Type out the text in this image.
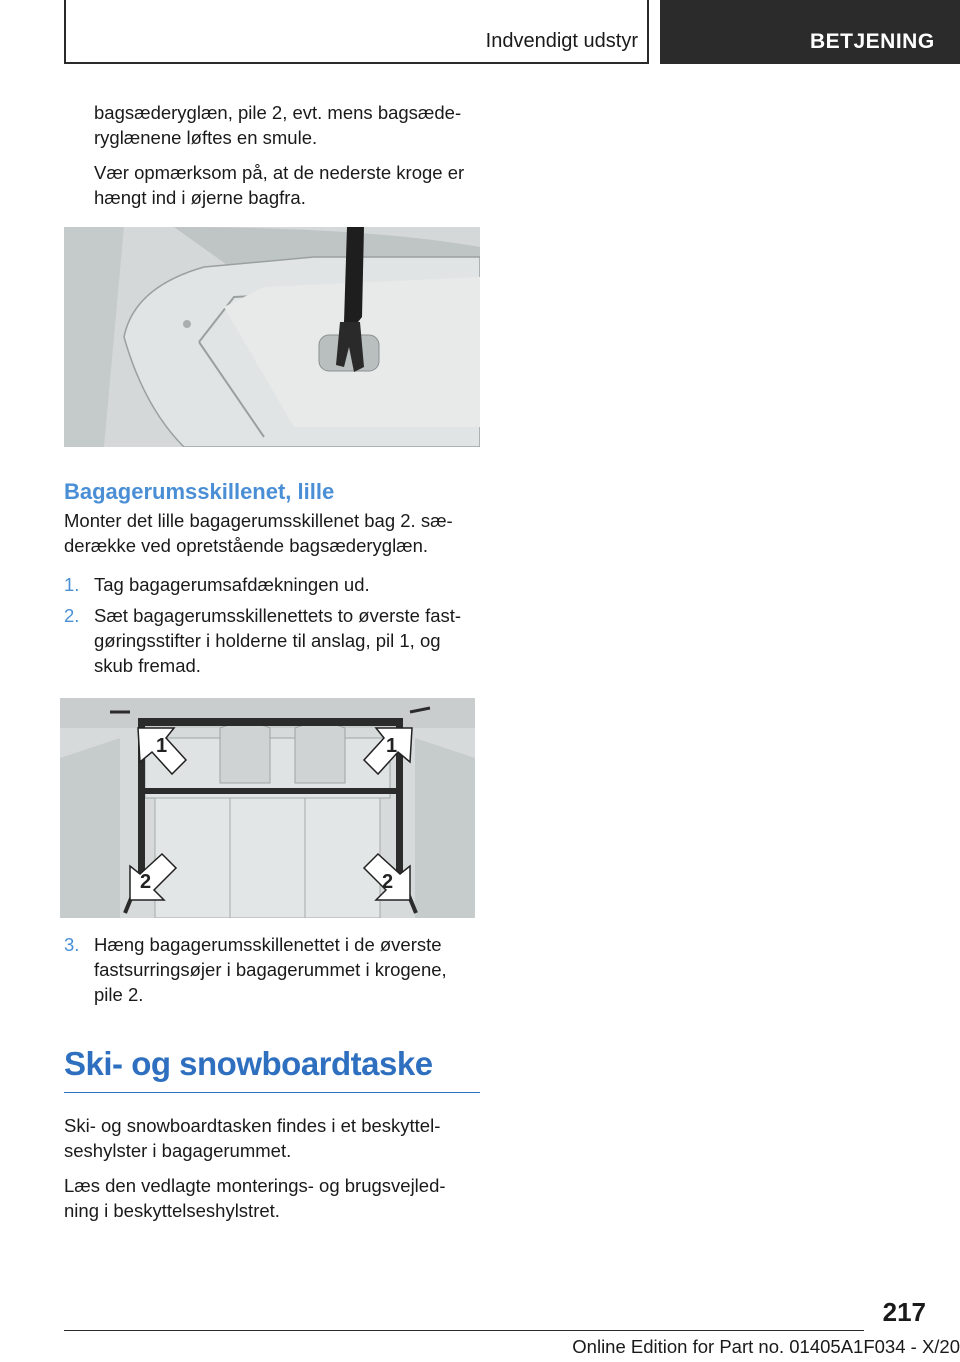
Indvendigt udstyr	BETJENING

bagsæderyglæn, pile 2, evt. mens bagsæde‐ryglænene løftes en smule.

Vær opmærksom på, at de nederste kroge er hængt ind i øjerne bagfra.

Bagagerumsskillenet, lille

Monter det lille bagagerumsskillenet bag 2. sæ‐derække ved opretstående bagsæderyglæn.

1. Tag bagagerumsafdækningen ud.
2. Sæt bagagerumsskillenettets to øverste fast‐gøringsstifter i holderne til anslag, pil 1, og skub fremad.
1	1
2	2
3. Hæng bagagerumsskillenettet i de øverste fastsurringsøjer i bagagerummet i krogene, pile 2.
Ski- og snowboardtaske

Ski- og snowboardtasken findes i et beskyttel‐seshylster i bagagerummet.

Læs den vedlagte monterings- og brugsvejled‐ning i beskyttelseshylstret.

217
Online Edition for Part no. 01405A1F034 - X/20
